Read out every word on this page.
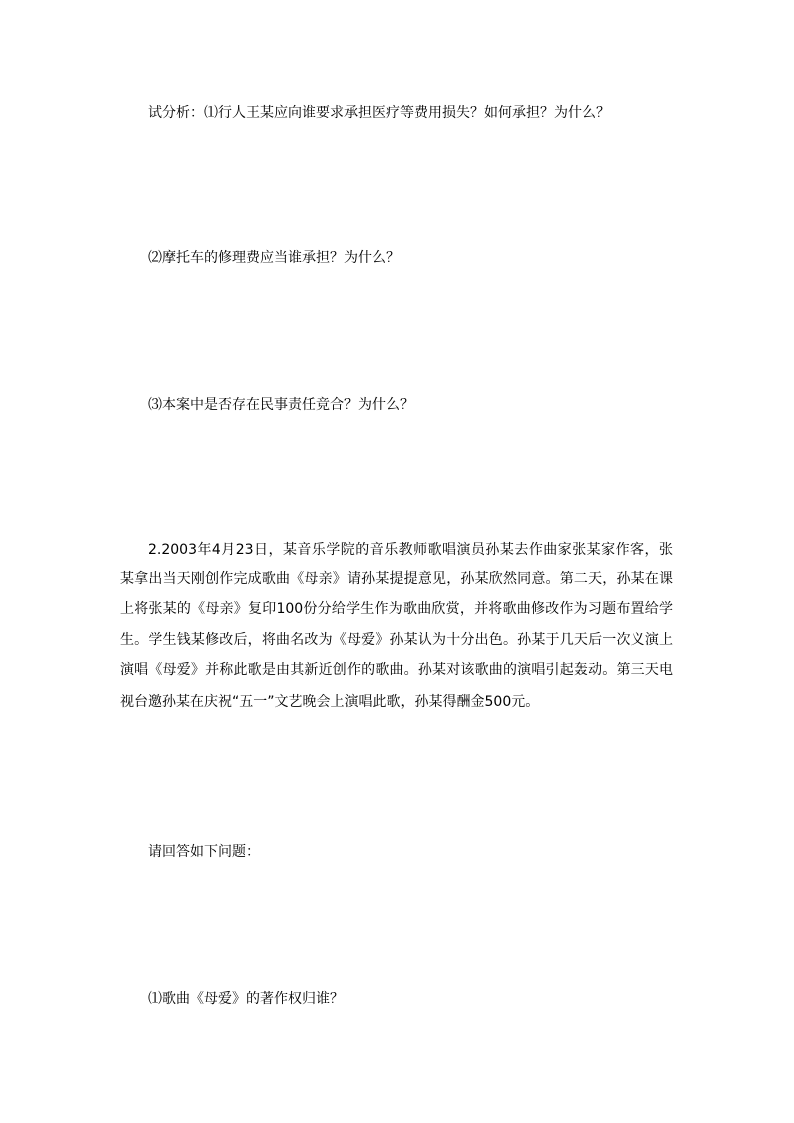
试分析：⑴行人王某应向谁要求承担医疗等费用损失？如何承担？为什么？
⑵摩托车的修理费应当谁承担？为什么？
⑶本案中是否存在民事责任竞合？为什么？
2.2003年4月23日，某音乐学院的音乐教师歌唱演员孙某去作曲家张某家作客，张
某拿出当天刚创作完成歌曲《母亲》请孙某提提意见，孙某欣然同意。第二天，孙某在课
上将张某的《母亲》复印100份分给学生作为歌曲欣赏，并将歌曲修改作为习题布置给学
生。学生钱某修改后，将曲名改为《母爱》孙某认为十分出色。孙某于几天后一次义演上
演唱《母爱》并称此歌是由其新近创作的歌曲。孙某对该歌曲的演唱引起轰动。第三天电
视台邀孙某在庆祝“五一”文艺晚会上演唱此歌，孙某得酬金500元。
请回答如下问题：
⑴歌曲《母爱》的著作权归谁？
